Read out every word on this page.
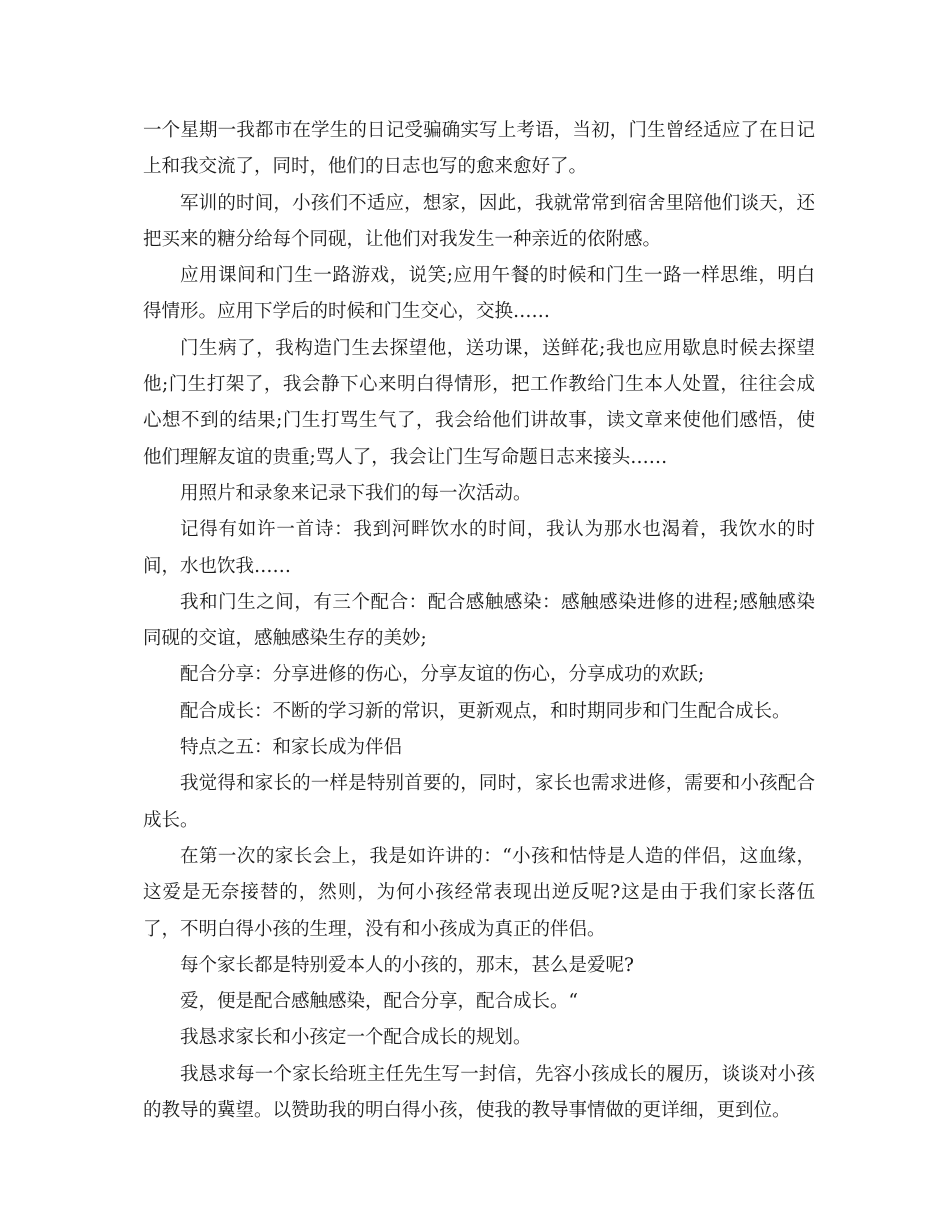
一个星期一我都市在学生的日记受骗确实写上考语，当初，门生曾经适应了在日记上和我交流了，同时，他们的日志也写的愈来愈好了。

军训的时间，小孩们不适应，想家，因此，我就常常到宿舍里陪他们谈天，还把买来的糖分给每个同砚，让他们对我发生一种亲近的依附感。

应用课间和门生一路游戏，说笑;应用午餐的时候和门生一路一样思维，明白得情形。应用下学后的时候和门生交心，交换……

门生病了，我构造门生去探望他，送功课，送鲜花;我也应用歇息时候去探望他;门生打架了，我会静下心来明白得情形，把工作教给门生本人处置，往往会成心想不到的结果;门生打骂生气了，我会给他们讲故事，读文章来使他们感悟，使他们理解友谊的贵重;骂人了，我会让门生写命题日志来接头……

用照片和录象来记录下我们的每一次活动。

记得有如许一首诗：我到河畔饮水的时间，我认为那水也渴着，我饮水的时间，水也饮我……

我和门生之间，有三个配合：配合感触感染：感触感染进修的进程;感触感染同砚的交谊，感触感染生存的美妙;

配合分享：分享进修的伤心，分享友谊的伤心，分享成功的欢跃;

配合成长：不断的学习新的常识，更新观点，和时期同步和门生配合成长。

特点之五：和家长成为伴侣

我觉得和家长的一样是特别首要的，同时，家长也需求进修，需要和小孩配合成长。

在第一次的家长会上，我是如许讲的：“小孩和怙恃是人造的伴侣，这血缘，这爱是无奈接替的，然则，为何小孩经常表现出逆反呢?这是由于我们家长落伍了，不明白得小孩的生理，没有和小孩成为真正的伴侣。

每个家长都是特别爱本人的小孩的，那末，甚么是爱呢?

爱，便是配合感触感染，配合分享，配合成长。“

我恳求家长和小孩定一个配合成长的规划。

我恳求每一个家长给班主任先生写一封信，先容小孩成长的履历，谈谈对小孩的教导的冀望。以赞助我的明白得小孩，使我的教导事情做的更详细，更到位。
